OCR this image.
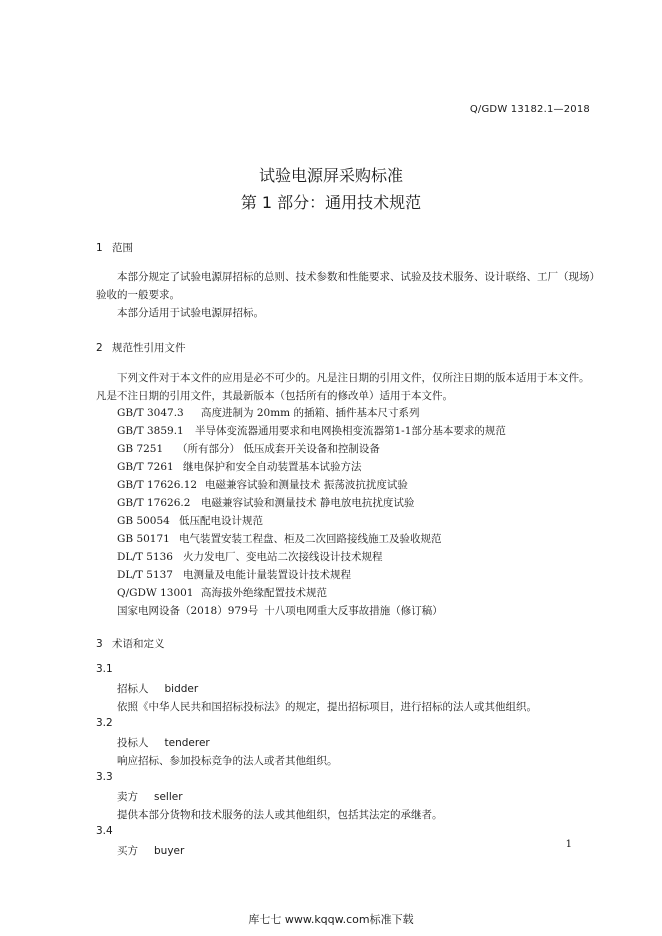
Q/GDW 13182.1—2018
试验电源屏采购标准
第 1 部分：通用技术规范
1 范围
本部分规定了试验电源屏招标的总则、技术参数和性能要求、试验及技术服务、设计联络、工厂（现场）验收的一般要求。
本部分适用于试验电源屏招标。
2 规范性引用文件
下列文件对于本文件的应用是必不可少的。凡是注日期的引用文件，仅所注日期的版本适用于本文件。凡是不注日期的引用文件，其最新版本（包括所有的修改单）适用于本文件。
GB/T 3047.3 高度进制为 20mm 的插箱、插件基本尺寸系列
GB/T 3859.1 半导体变流器通用要求和电网换相变流器第1-1部分基本要求的规范
GB 7251 （所有部分） 低压成套开关设备和控制设备
GB/T 7261 继电保护和安全自动装置基本试验方法
GB/T 17626.12 电磁兼容试验和测量技术 振荡波抗扰度试验
GB/T 17626.2 电磁兼容试验和测量技术 静电放电抗扰度试验
GB 50054 低压配电设计规范
GB 50171 电气装置安装工程盘、柜及二次回路接线施工及验收规范
DL/T 5136 火力发电厂、变电站二次接线设计技术规程
DL/T 5137 电测量及电能计量装置设计技术规程
Q/GDW 13001 高海拔外绝缘配置技术规范
国家电网设备（2018）979号 十八项电网重大反事故措施（修订稿）
3 术语和定义
3.1
招标人 bidder
依照《中华人民共和国招标投标法》的规定，提出招标项目，进行招标的法人或其他组织。
3.2
投标人 tenderer
响应招标、参加投标竞争的法人或者其他组织。
3.3
卖方 seller
提供本部分货物和技术服务的法人或其他组织，包括其法定的承继者。
3.4
买方 buyer
1
库七七 www.kqqw.com标准下载
